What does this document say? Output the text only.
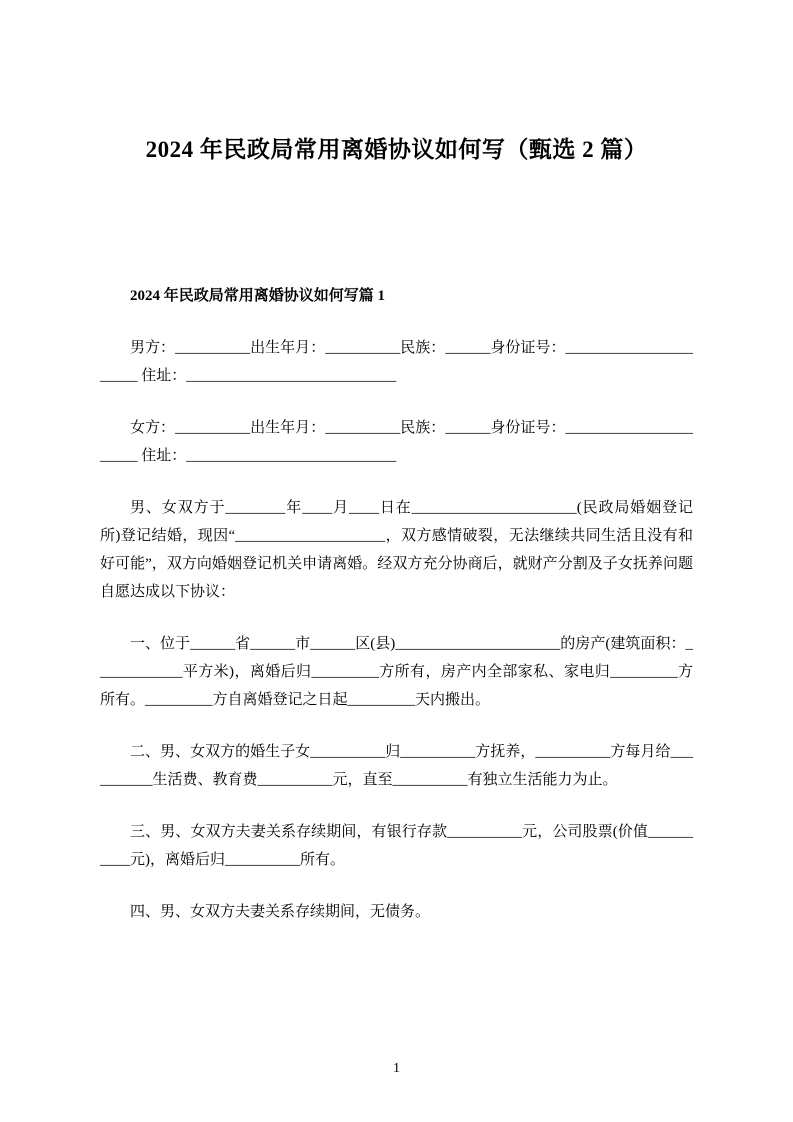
2024 年民政局常用离婚协议如何写（甄选 2 篇）
2024 年民政局常用离婚协议如何写篇 1

男方：__________出生年月：__________民族：______身份证号：______________________ 住址：____________________________

女方：__________出生年月：__________民族：______身份证号：______________________ 住址：____________________________

男、女双方于________年____月____日在______________________(民政局婚姻登记所)登记结婚，现因“____________________，双方感情破裂，无法继续共同生活且没有和好可能”，双方向婚姻登记机关申请离婚。经双方充分协商后，就财产分割及子女抚养问题自愿达成以下协议：

一、位于______省______市______区(县)______________________的房产(建筑面积：____________平方米)，离婚后归_________方所有，房产内全部家私、家电归_________方所有。_________方自离婚登记之日起_________天内搬出。

二、男、女双方的婚生子女__________归__________方抚养，__________方每月给__________生活费、教育费__________元，直至__________有独立生活能力为止。

三、男、女双方夫妻关系存续期间，有银行存款__________元，公司股票(价值__________元)，离婚后归__________所有。

四、男、女双方夫妻关系存续期间，无债务。

1
